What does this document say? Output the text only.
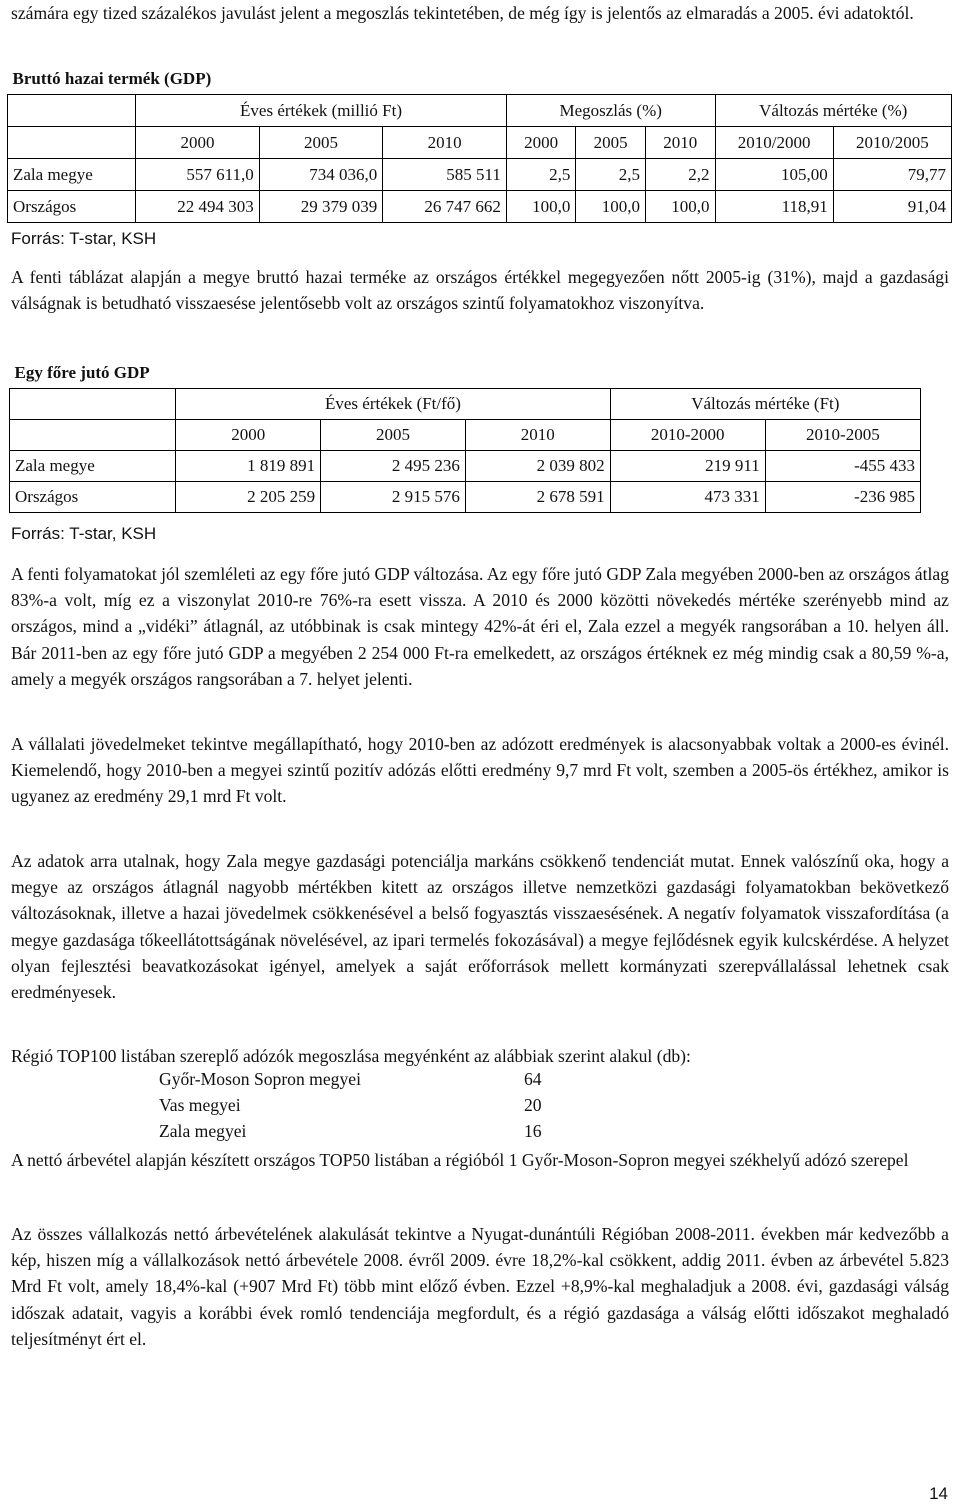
számára egy tized százalékos javulást jelent a megoszlás tekintetében, de még így is jelentős az elmaradás a 2005. évi adatoktól.

Bruttó hazai termék (GDP)								
	Éves értékek (millió Ft)			Megoszlás (%)			Változás mértéke (%)	
	2000	2005	2010	2000	2005	2010	2010/2000	2010/2005
Zala megye	557 611,0	734 036,0	585 511	2,5	2,5	2,2	105,00	79,77
Országos	22 494 303	29 379 039	26 747 662	100,0	100,0	100,0	118,91	91,04
Forrás: T-star, KSH

A fenti táblázat alapján a megye bruttó hazai terméke az országos értékkel megegyezően nőtt 2005-ig (31%), majd a gazdasági válságnak is betudható visszaesése jelentősebb volt az országos szintű folyamatokhoz viszonyítva.

Egy főre jutó GDP					
	Éves értékek (Ft/fő)			Változás mértéke (Ft)	
	2000	2005	2010	2010-2000	2010-2005
Zala megye	1 819 891	2 495 236	2 039 802	219 911	-455 433
Országos	2 205 259	2 915 576	2 678 591	473 331	-236 985
Forrás: T-star, KSH

A fenti folyamatokat jól szemléleti az egy főre jutó GDP változása. Az egy főre jutó GDP Zala megyében 2000-ben az országos átlag 83%-a volt, míg ez a viszonylat 2010-re 76%-ra esett vissza. A 2010 és 2000 közötti növekedés mértéke szerényebb mind az országos, mind a „vidéki” átlagnál, az utóbbinak is csak mintegy 42%-át éri el, Zala ezzel a megyék rangsorában a 10. helyen áll. Bár 2011-ben az egy főre jutó GDP a megyében 2 254 000 Ft-ra emelkedett, az országos értéknek ez még mindig csak a 80,59 %-a, amely a megyék országos rangsorában a 7. helyet jelenti.

A vállalati jövedelmeket tekintve megállapítható, hogy 2010-ben az adózott eredmények is alacsonyabbak voltak a 2000-es évinél. Kiemelendő, hogy 2010-ben a megyei szintű pozitív adózás előtti eredmény 9,7 mrd Ft volt, szemben a 2005-ös értékhez, amikor is ugyanez az eredmény 29,1 mrd Ft volt.

Az adatok arra utalnak, hogy Zala megye gazdasági potenciálja markáns csökkenő tendenciát mutat. Ennek valószínű oka, hogy a megye az országos átlagnál nagyobb mértékben kitett az országos illetve nemzetközi gazdasági folyamatokban bekövetkező változásoknak, illetve a hazai jövedelmek csökkenésével a belső fogyasztás visszaesésének. A negatív folyamatok visszafordítása (a megye gazdasága tőkeellátottságának növelésével, az ipari termelés fokozásával) a megye fejlődésnek egyik kulcskérdése. A helyzet olyan fejlesztési beavatkozásokat igényel, amelyek a saját erőforrások mellett kormányzati szerepvállalással lehetnek csak eredményesek.

Régió TOP100 listában szereplő adózók megoszlása megyénként az alábbiak szerint alakul (db):

Győr-Moson Sopron megyei	64
Vas megyei	20
Zala megyei	16

A nettó árbevétel alapján készített országos TOP50 listában a régióból 1 Győr-Moson-Sopron megyei székhelyű adózó szerepel

Az összes vállalkozás nettó árbevételének alakulását tekintve a Nyugat-dunántúli Régióban 2008-2011. években már kedvezőbb a kép, hiszen míg a vállalkozások nettó árbevétele 2008. évről 2009. évre 18,2%-kal csökkent, addig 2011. évben az árbevétel 5.823 Mrd Ft volt, amely 18,4%-kal (+907 Mrd Ft) több mint előző évben. Ezzel +8,9%-kal meghaladjuk a 2008. évi, gazdasági válság időszak adatait, vagyis a korábbi évek romló tendenciája megfordult, és a régió gazdasága a válság előtti időszakot meghaladó teljesítményt ért el.

14
